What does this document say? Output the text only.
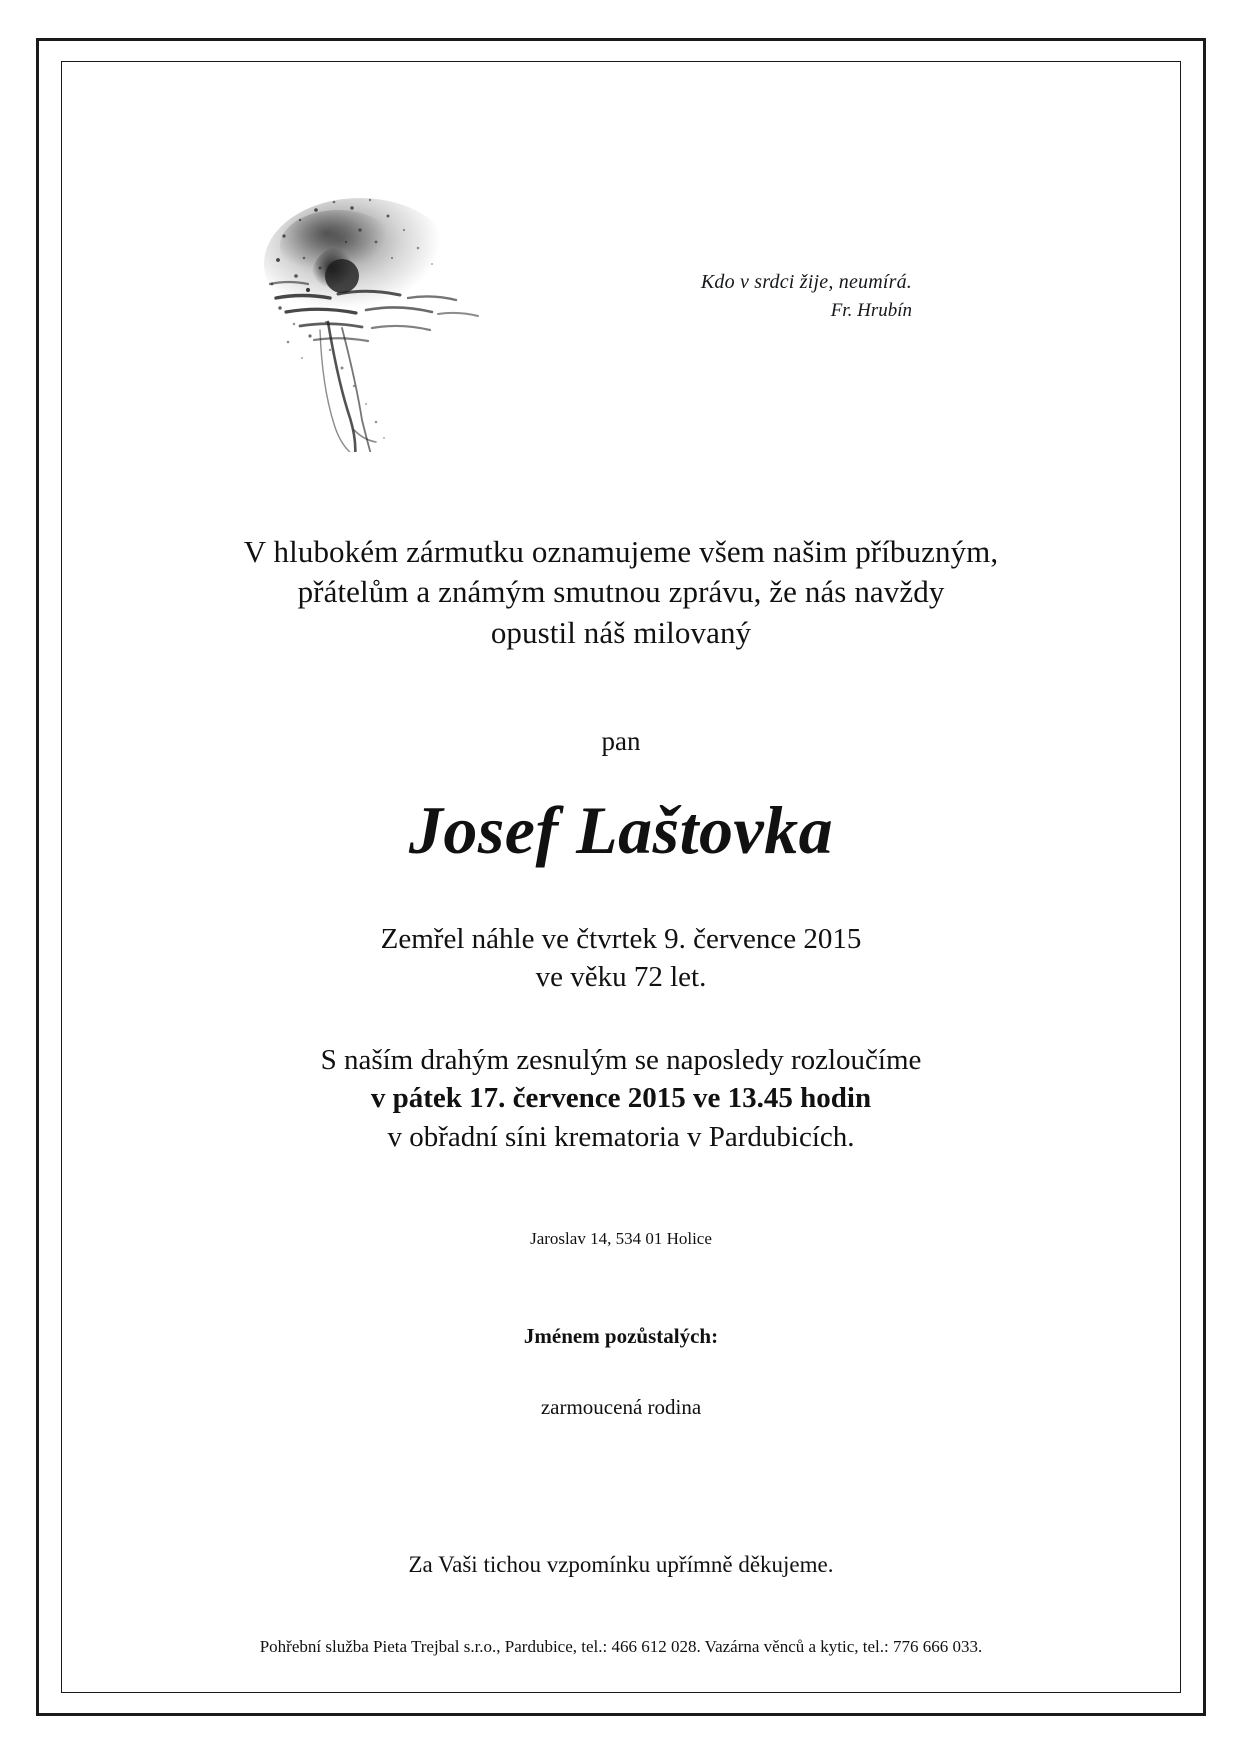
Kdo v srdci žije, neumírá.
Fr. Hrubín
V hlubokém zármutku oznamujeme všem našim příbuzným,
přátelům a známým smutnou zprávu, že nás navždy
opustil náš milovaný
pan
Josef Laštovka
Zemřel náhle ve čtvrtek 9. července 2015
ve věku 72 let.
S naším drahým zesnulým se naposledy rozloučíme
v pátek 17. července 2015 ve 13.45 hodin
v obřadní síni krematoria v Pardubicích.
Jaroslav 14, 534 01 Holice
Jménem pozůstalých:
zarmoucená rodina
Za Vaši tichou vzpomínku upřímně děkujeme.
Pohřební služba Pieta Trejbal s.r.o., Pardubice, tel.: 466 612 028. Vazárna věnců a kytic, tel.: 776 666 033.
